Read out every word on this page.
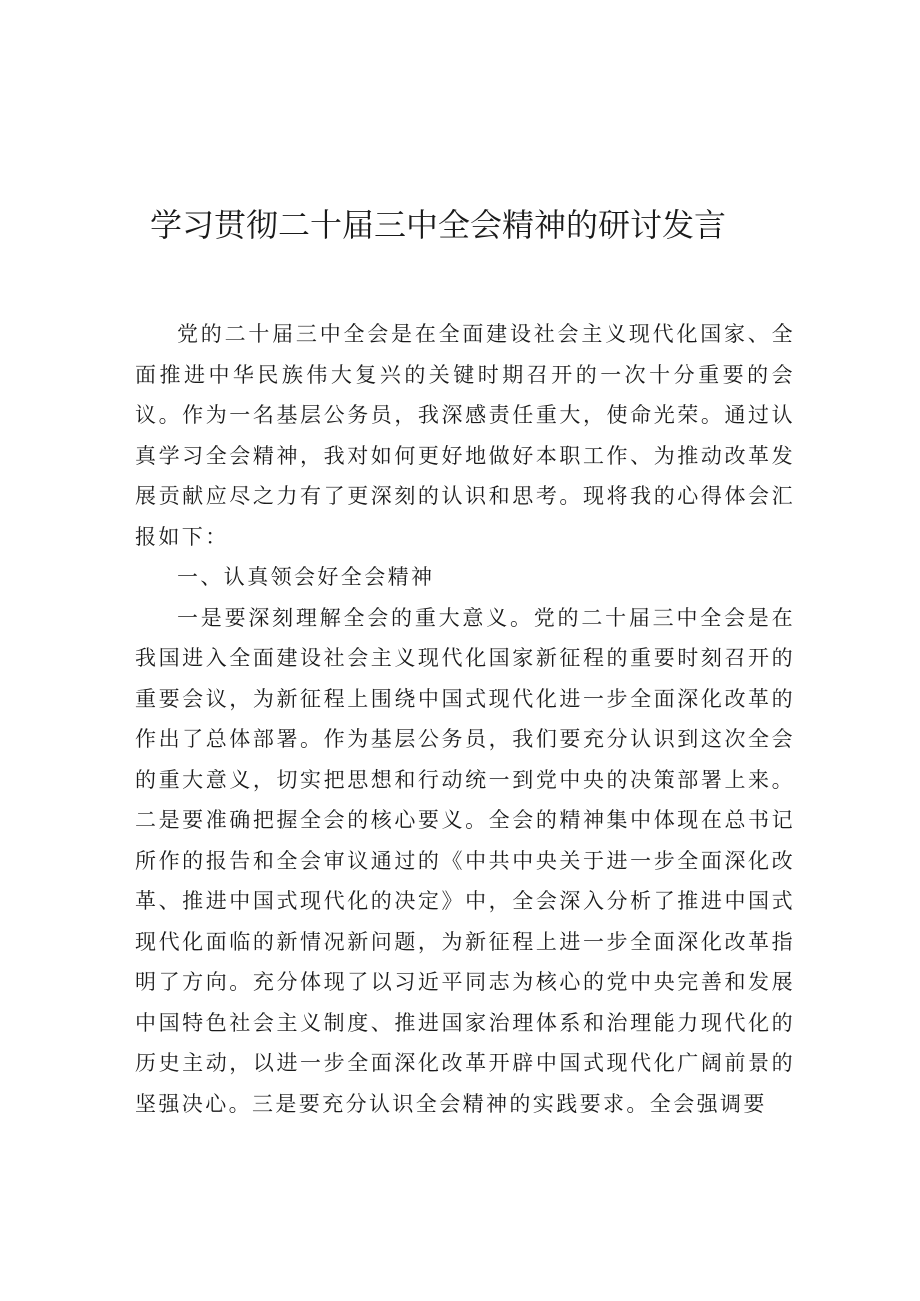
学习贯彻二十届三中全会精神的研讨发言

党的二十届三中全会是在全面建设社会主义现代化国家、全面推进中华民族伟大复兴的关键时期召开的一次十分重要的会议。作为一名基层公务员，我深感责任重大，使命光荣。通过认真学习全会精神，我对如何更好地做好本职工作、为推动改革发展贡献应尽之力有了更深刻的认识和思考。现将我的心得体会汇报如下：

一、认真领会好全会精神

一是要深刻理解全会的重大意义。党的二十届三中全会是在我国进入全面建设社会主义现代化国家新征程的重要时刻召开的重要会议，为新征程上围绕中国式现代化进一步全面深化改革的作出了总体部署。作为基层公务员，我们要充分认识到这次全会的重大意义，切实把思想和行动统一到党中央的决策部署上来。二是要准确把握全会的核心要义。全会的精神集中体现在总书记所作的报告和全会审议通过的《中共中央关于进一步全面深化改革、推进中国式现代化的决定》中，全会深入分析了推进中国式现代化面临的新情况新问题，为新征程上进一步全面深化改革指明了方向。充分体现了以习近平同志为核心的党中央完善和发展中国特色社会主义制度、推进国家治理体系和治理能力现代化的历史主动，以进一步全面深化改革开辟中国式现代化广阔前景的坚强决心。三是要充分认识全会精神的实践要求。全会强调要
